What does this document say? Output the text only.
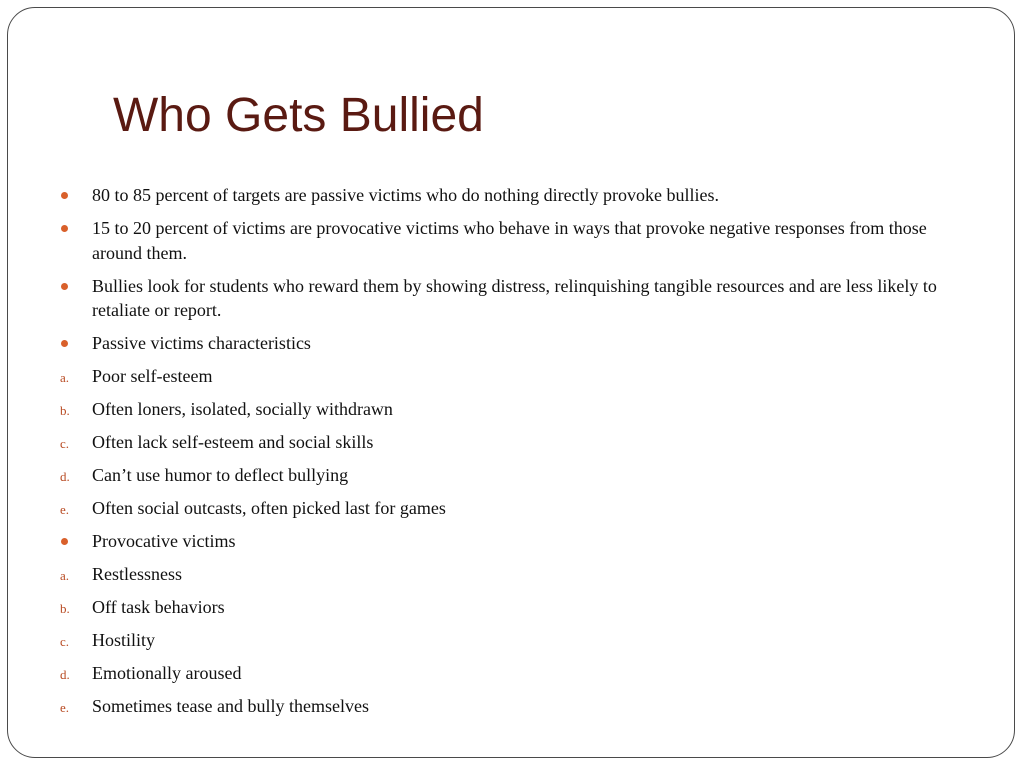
Who Gets Bullied
80 to 85 percent of targets are passive victims who do nothing directly provoke bullies.
15 to 20 percent of victims are provocative victims who behave in ways that provoke negative responses from those around them.
Bullies look for students who reward them by showing distress, relinquishing tangible resources and are less likely to retaliate or report.
Passive victims characteristics
a.	Poor self-esteem
b.	Often loners, isolated, socially withdrawn
c.	Often lack self-esteem and social skills
d.	Can’t use humor to deflect bullying
e.	Often social outcasts, often picked last for games
Provocative victims
a.	Restlessness
b.	Off task behaviors
c.	Hostility
d.	Emotionally aroused
e.	Sometimes tease and bully themselves
